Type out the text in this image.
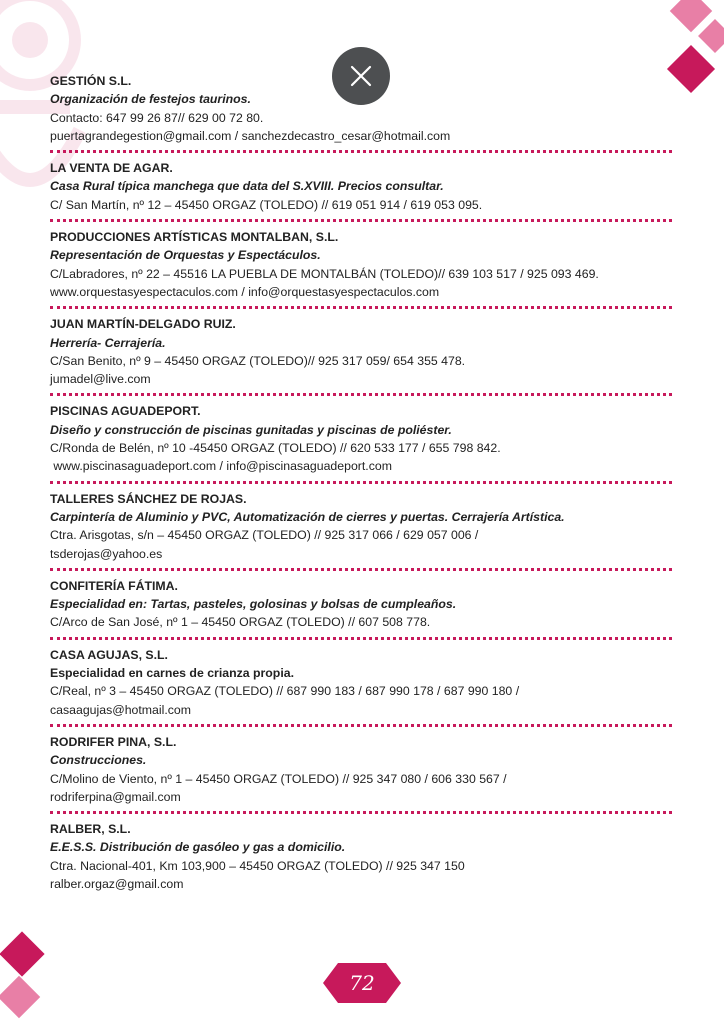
GESTIÓN S.L.
Organización de festejos taurinos.
Contacto: 647 99 26 87// 629 00 72 80.
puertagrandegestion@gmail.com / sanchezdecastro_cesar@hotmail.com
LA VENTA DE AGAR.
Casa Rural típica manchega que data del S.XVIII. Precios consultar.
C/ San Martín, nº 12 – 45450 ORGAZ (TOLEDO) // 619 051 914 / 619 053 095.
PRODUCCIONES ARTÍSTICAS MONTALBAN, S.L.
Representación de Orquestas y Espectáculos.
C/Labradores, nº 22 – 45516 LA PUEBLA DE MONTALBÁN (TOLEDO)// 639 103 517 / 925 093 469.
www.orquestasyespectaculos.com / info@orquestasyespectaculos.com
JUAN MARTÍN-DELGADO RUIZ.
Herrería- Cerrajería.
C/San Benito, nº 9 – 45450 ORGAZ (TOLEDO)// 925 317 059/ 654 355 478.
jumadel@live.com
PISCINAS AGUADEPORT.
Diseño y construcción de piscinas gunitadas y piscinas de poliéster.
C/Ronda de Belén, nº 10 -45450 ORGAZ (TOLEDO) // 620 533 177 / 655 798 842.
www.piscinasaguadeport.com / info@piscinasaguadeport.com
TALLERES SÁNCHEZ DE ROJAS.
Carpintería de Aluminio y PVC, Automatización de cierres y puertas. Cerrajería Artística.
Ctra. Arisgotas, s/n – 45450 ORGAZ (TOLEDO) // 925 317 066 / 629 057 006 /
tsderojas@yahoo.es
CONFITERÍA FÁTIMA.
Especialidad en: Tartas, pasteles, golosinas y bolsas de cumpleaños.
C/Arco de San José, nº 1 – 45450 ORGAZ (TOLEDO) // 607 508 778.
CASA AGUJAS, S.L.
Especialidad en carnes de crianza propia.
C/Real, nº 3 – 45450 ORGAZ (TOLEDO) // 687 990 183 / 687 990 178 / 687 990 180 /
casaagujas@hotmail.com
RODRIFER PINA, S.L.
Construcciones.
C/Molino de Viento, nº 1 – 45450 ORGAZ (TOLEDO) // 925 347 080 / 606 330 567 /
rodriferpina@gmail.com
RALBER, S.L.
E.E.S.S. Distribución de gasóleo y gas a domicilio.
Ctra. Nacional-401, Km 103,900 – 45450 ORGAZ (TOLEDO) // 925 347 150
ralber.orgaz@gmail.com
72
